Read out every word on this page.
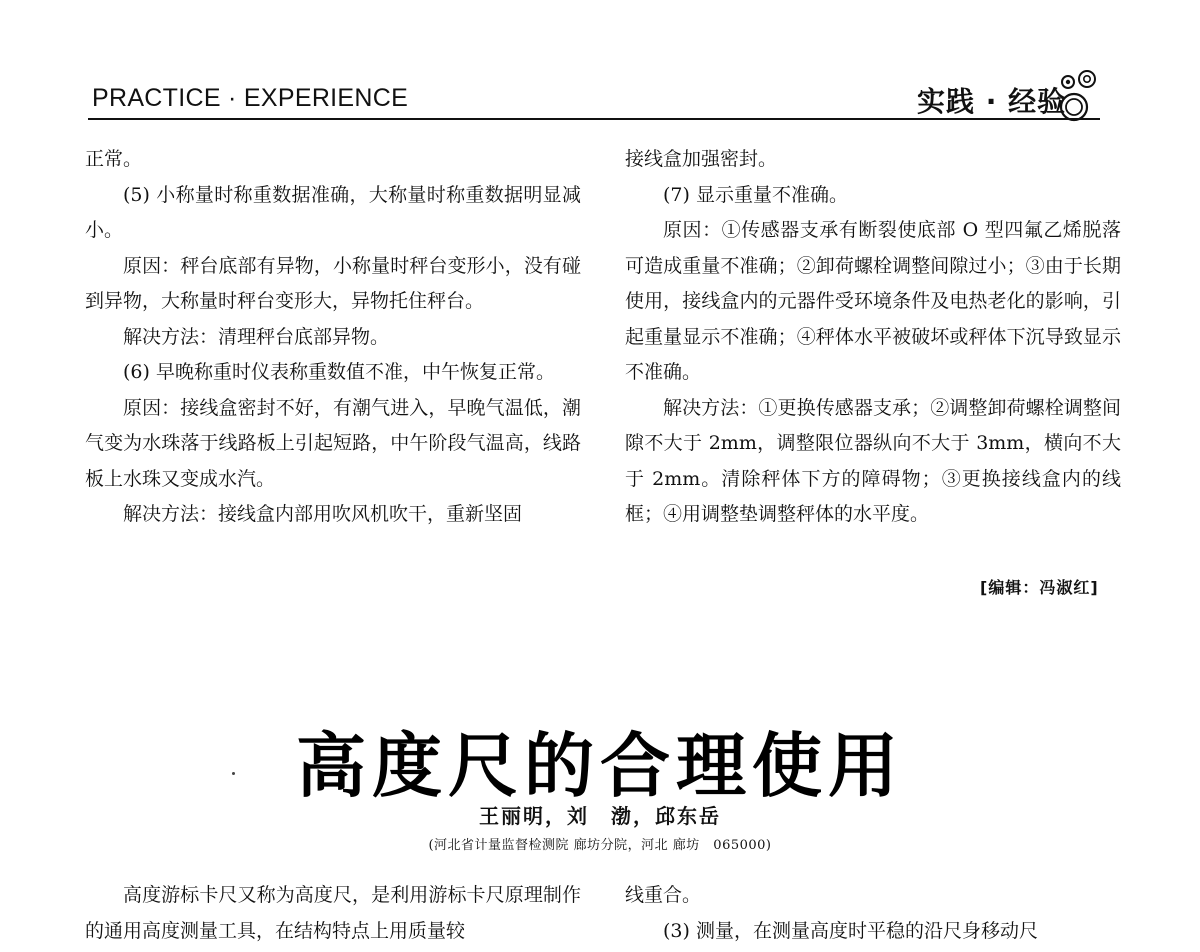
PRACTICE · EXPERIENCE	实践 · 经验

正常。

(5) 小称量时称重数据准确，大称量时称重数据明显减小。

原因：秤台底部有异物，小称量时秤台变形小，没有碰到异物，大称量时秤台变形大，异物托住秤台。

解决方法：清理秤台底部异物。

(6) 早晚称重时仪表称重数值不准，中午恢复正常。

原因：接线盒密封不好，有潮气进入，早晚气温低，潮气变为水珠落于线路板上引起短路，中午阶段气温高，线路板上水珠又变成水汽。

解决方法：接线盒内部用吹风机吹干，重新坚固

接线盒加强密封。

(7) 显示重量不准确。

原因：①传感器支承有断裂使底部 O 型四氟乙烯脱落可造成重量不准确；②卸荷螺栓调整间隙过小；③由于长期使用，接线盒内的元器件受环境条件及电热老化的影响，引起重量显示不准确；④秤体水平被破坏或秤体下沉导致显示不准确。

解决方法：①更换传感器支承；②调整卸荷螺栓调整间隙不大于 2mm，调整限位器纵向不大于 3mm，横向不大于 2mm。清除秤体下方的障碍物；③更换接线盒内的线框；④用调整垫调整秤体的水平度。

[编辑：冯淑红]
高度尺的合理使用
王丽明，刘　渤，邱东岳
(河北省计量监督检测院 廊坊分院，河北 廊坊　065000)

高度游标卡尺又称为高度尺，是利用游标卡尺原理制作的通用高度测量工具，在结构特点上用质量较

线重合。

(3) 测量，在测量高度时平稳的沿尺身移动尺
